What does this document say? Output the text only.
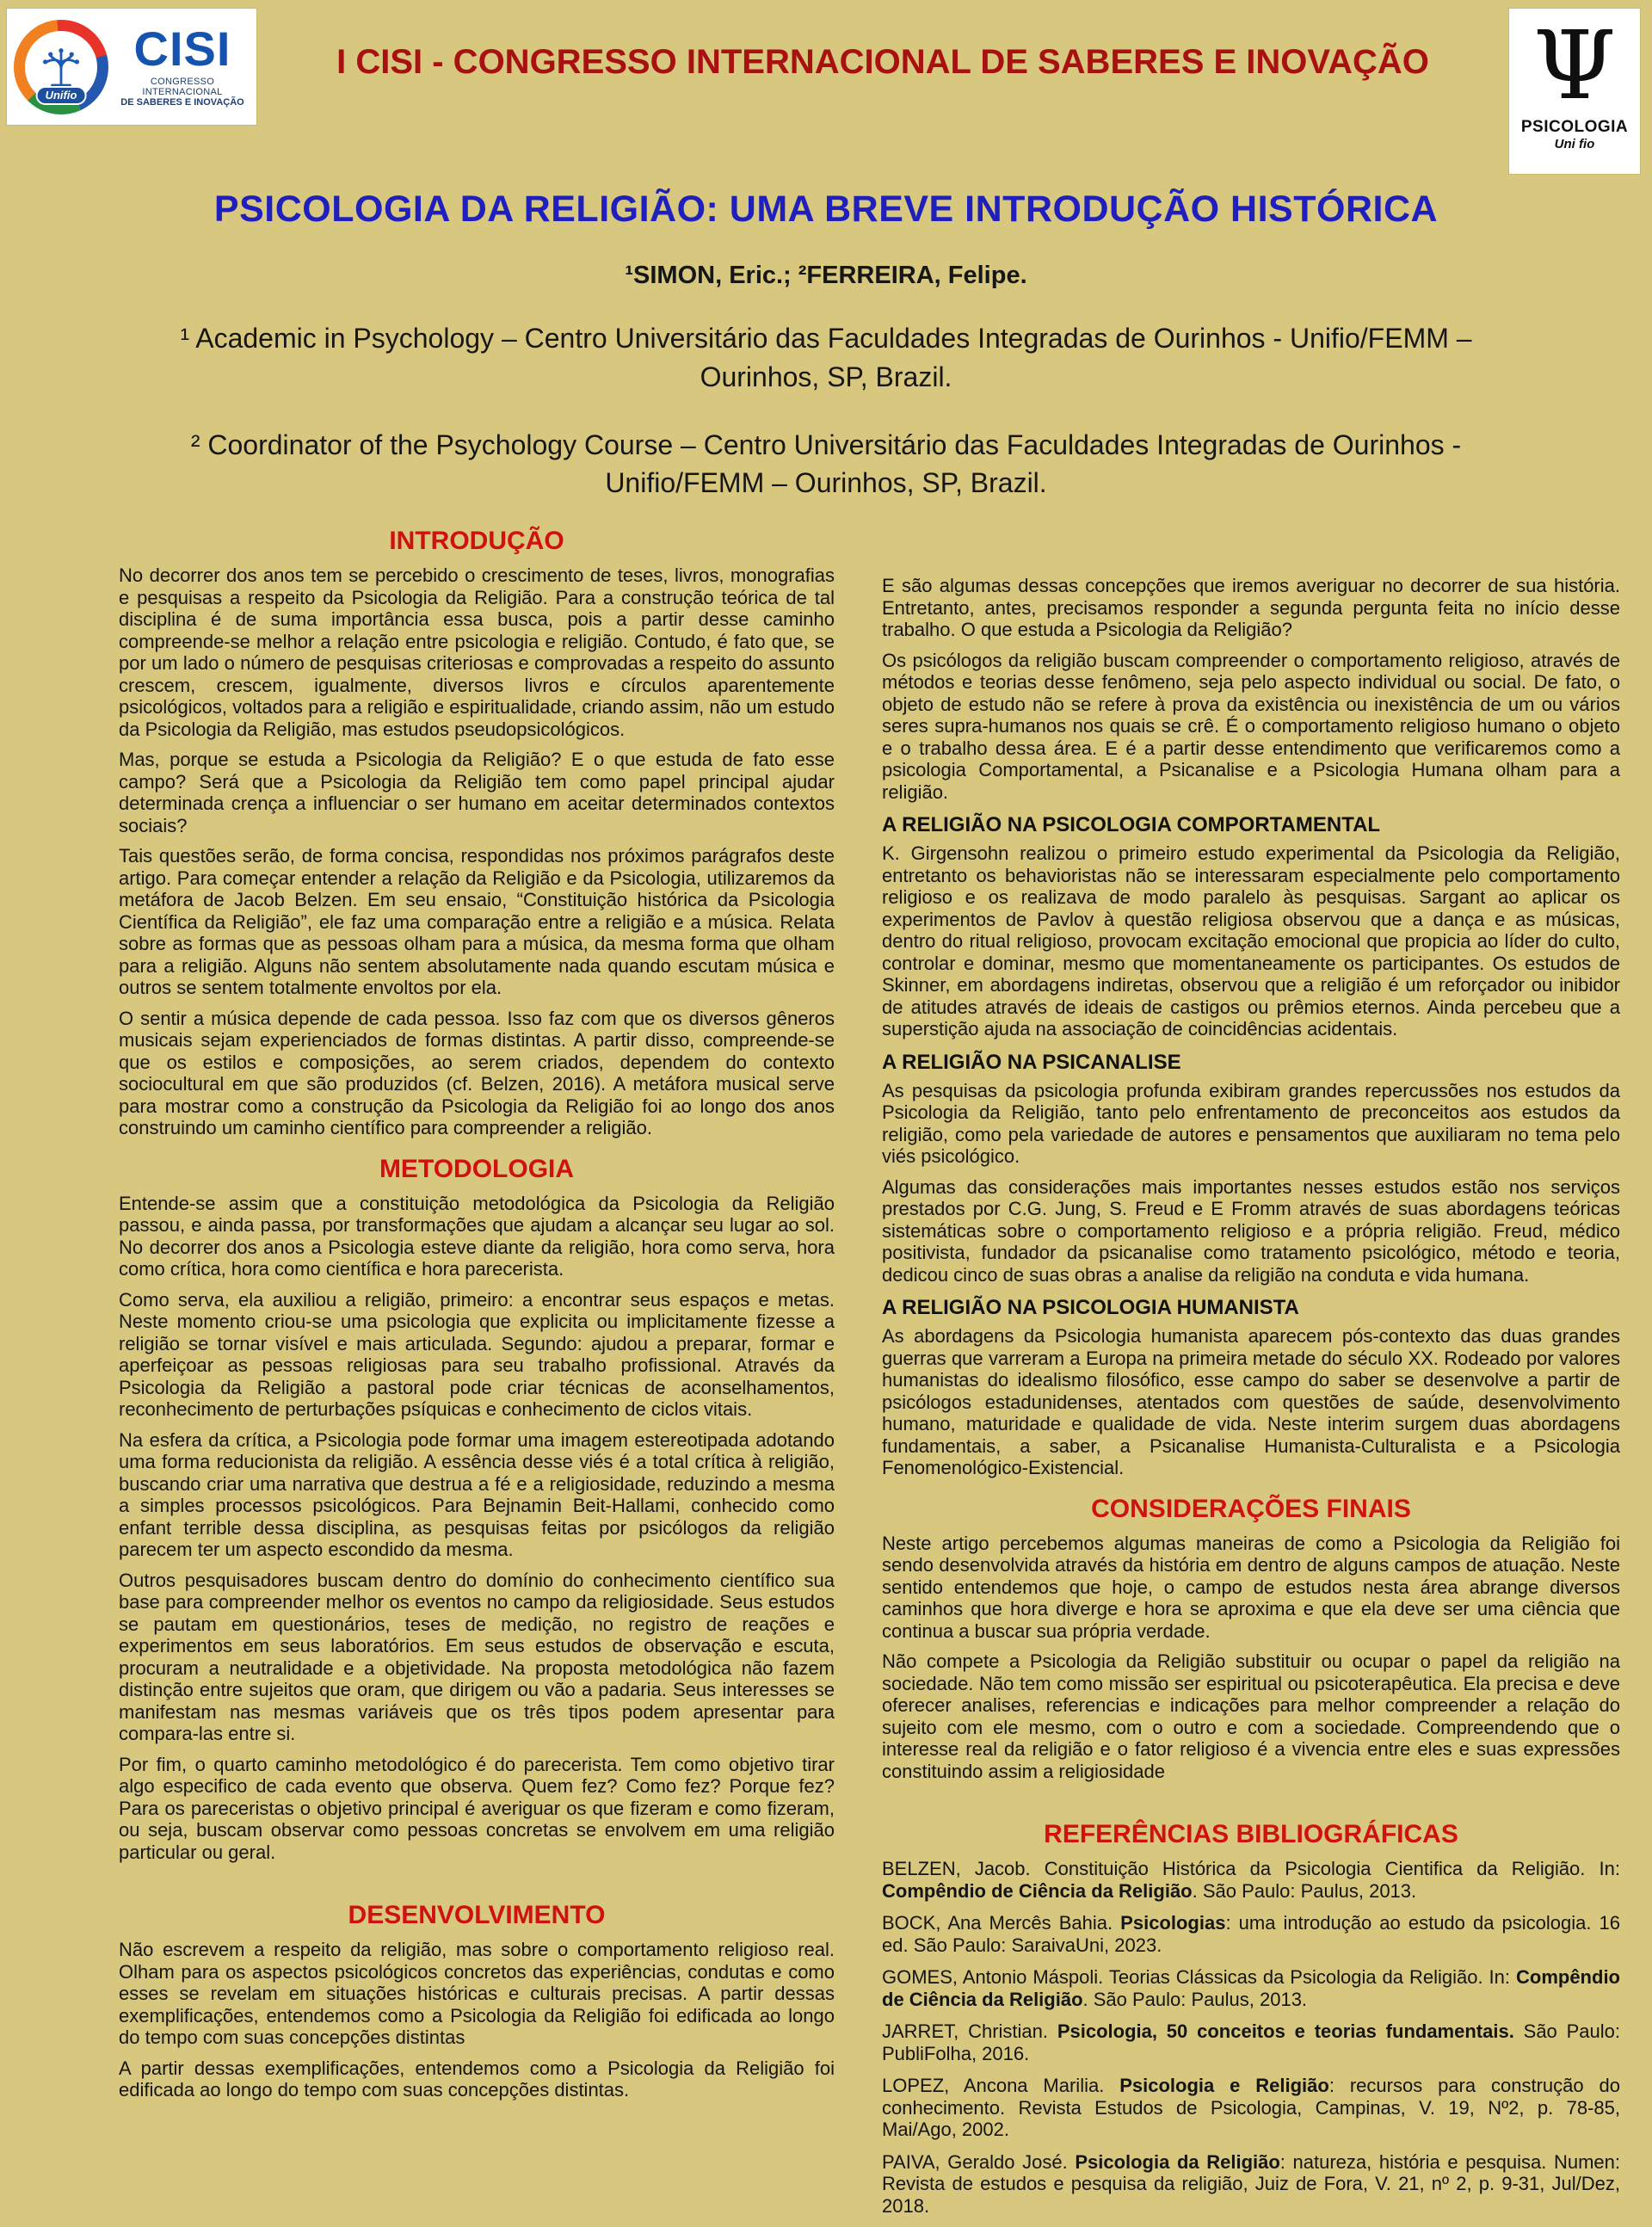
Unifio
CISI
CONGRESSO INTERNACIONAL
DE SABERES E INOVAÇÃO
I CISI - CONGRESSO INTERNACIONAL DE SABERES E INOVAÇÃO	Ψ
PSICOLOGIA
Uni fio
PSICOLOGIA DA RELIGIÃO: UMA BREVE INTRODUÇÃO HISTÓRICA
¹SIMON, Eric.; ²FERREIRA, Felipe.
¹ Academic in Psychology – Centro Universitário das Faculdades Integradas de Ourinhos - Unifio/FEMM – Ourinhos, SP, Brazil.
² Coordinator of the Psychology Course – Centro Universitário das Faculdades Integradas de Ourinhos - Unifio/FEMM – Ourinhos, SP, Brazil.
INTRODUÇÃO

No decorrer dos anos tem se percebido o crescimento de teses, livros, monografias e pesquisas a respeito da Psicologia da Religião. Para a construção teórica de tal disciplina é de suma importância essa busca, pois a partir desse caminho compreende-se melhor a relação entre psicologia e religião. Contudo, é fato que, se por um lado o número de pesquisas criteriosas e comprovadas a respeito do assunto crescem, crescem, igualmente, diversos livros e círculos aparentemente psicológicos, voltados para a religião e espiritualidade, criando assim, não um estudo da Psicologia da Religião, mas estudos pseudopsicológicos.

Mas, porque se estuda a Psicologia da Religião? E o que estuda de fato esse campo? Será que a Psicologia da Religião tem como papel principal ajudar determinada crença a influenciar o ser humano em aceitar determinados contextos sociais?

Tais questões serão, de forma concisa, respondidas nos próximos parágrafos deste artigo. Para começar entender a relação da Religião e da Psicologia, utilizaremos da metáfora de Jacob Belzen. Em seu ensaio, “Constituição histórica da Psicologia Científica da Religião”, ele faz uma comparação entre a religião e a música. Relata sobre as formas que as pessoas olham para a música, da mesma forma que olham para a religião. Alguns não sentem absolutamente nada quando escutam música e outros se sentem totalmente envoltos por ela.

O sentir a música depende de cada pessoa. Isso faz com que os diversos gêneros musicais sejam experienciados de formas distintas. A partir disso, compreende-se que os estilos e composições, ao serem criados, dependem do contexto sociocultural em que são produzidos (cf. Belzen, 2016). A metáfora musical serve para mostrar como a construção da Psicologia da Religião foi ao longo dos anos construindo um caminho científico para compreender a religião.

METODOLOGIA

Entende-se assim que a constituição metodológica da Psicologia da Religião passou, e ainda passa, por transformações que ajudam a alcançar seu lugar ao sol. No decorrer dos anos a Psicologia esteve diante da religião, hora como serva, hora como crítica, hora como científica e hora parecerista.

Como serva, ela auxiliou a religião, primeiro: a encontrar seus espaços e metas. Neste momento criou-se uma psicologia que explicita ou implicitamente fizesse a religião se tornar visível e mais articulada. Segundo: ajudou a preparar, formar e aperfeiçoar as pessoas religiosas para seu trabalho profissional. Através da Psicologia da Religião a pastoral pode criar técnicas de aconselhamentos, reconhecimento de perturbações psíquicas e conhecimento de ciclos vitais.

Na esfera da crítica, a Psicologia pode formar uma imagem estereotipada adotando uma forma reducionista da religião. A essência desse viés é a total crítica à religião, buscando criar uma narrativa que destrua a fé e a religiosidade, reduzindo a mesma a simples processos psicológicos. Para Bejnamin Beit-Hallami, conhecido como enfant terrible dessa disciplina, as pesquisas feitas por psicólogos da religião parecem ter um aspecto escondido da mesma.

Outros pesquisadores buscam dentro do domínio do conhecimento científico sua base para compreender melhor os eventos no campo da religiosidade. Seus estudos se pautam em questionários, teses de medição, no registro de reações e experimentos em seus laboratórios. Em seus estudos de observação e escuta, procuram a neutralidade e a objetividade. Na proposta metodológica não fazem distinção entre sujeitos que oram, que dirigem ou vão a padaria. Seus interesses se manifestam nas mesmas variáveis que os três tipos podem apresentar para compara-las entre si.

Por fim, o quarto caminho metodológico é do parecerista. Tem como objetivo tirar algo especifico de cada evento que observa. Quem fez? Como fez? Porque fez? Para os pareceristas o objetivo principal é averiguar os que fizeram e como fizeram, ou seja, buscam observar como pessoas concretas se envolvem em uma religião particular ou geral.

DESENVOLVIMENTO

Não escrevem a respeito da religião, mas sobre o comportamento religioso real. Olham para os aspectos psicológicos concretos das experiências, condutas e como esses se revelam em situações históricas e culturais precisas. A partir dessas exemplificações, entendemos como a Psicologia da Religião foi edificada ao longo do tempo com suas concepções distintas

A partir dessas exemplificações, entendemos como a Psicologia da Religião foi edificada ao longo do tempo com suas concepções distintas.

E são algumas dessas concepções que iremos averiguar no decorrer de sua história. Entretanto, antes, precisamos responder a segunda pergunta feita no início desse trabalho. O que estuda a Psicologia da Religião?

Os psicólogos da religião buscam compreender o comportamento religioso, através de métodos e teorias desse fenômeno, seja pelo aspecto individual ou social. De fato, o objeto de estudo não se refere à prova da existência ou inexistência de um ou vários seres supra-humanos nos quais se crê. É o comportamento religioso humano o objeto e o trabalho dessa área. E é a partir desse entendimento que verificaremos como a psicologia Comportamental, a Psicanalise e a Psicologia Humana olham para a religião.

A RELIGIÃO NA PSICOLOGIA COMPORTAMENTAL

K. Girgensohn realizou o primeiro estudo experimental da Psicologia da Religião, entretanto os behavioristas não se interessaram especialmente pelo comportamento religioso e os realizava de modo paralelo às pesquisas. Sargant ao aplicar os experimentos de Pavlov à questão religiosa observou que a dança e as músicas, dentro do ritual religioso, provocam excitação emocional que propicia ao líder do culto, controlar e dominar, mesmo que momentaneamente os participantes. Os estudos de Skinner, em abordagens indiretas, observou que a religião é um reforçador ou inibidor de atitudes através de ideais de castigos ou prêmios eternos. Ainda percebeu que a superstição ajuda na associação de coincidências acidentais.

A RELIGIÃO NA PSICANALISE

As pesquisas da psicologia profunda exibiram grandes repercussões nos estudos da Psicologia da Religião, tanto pelo enfrentamento de preconceitos aos estudos da religião, como pela variedade de autores e pensamentos que auxiliaram no tema pelo viés psicológico.

Algumas das considerações mais importantes nesses estudos estão nos serviços prestados por C.G. Jung, S. Freud e E Fromm através de suas abordagens teóricas sistemáticas sobre o comportamento religioso e a própria religião. Freud, médico positivista, fundador da psicanalise como tratamento psicológico, método e teoria, dedicou cinco de suas obras a analise da religião na conduta e vida humana.

A RELIGIÃO NA PSICOLOGIA HUMANISTA

As abordagens da Psicologia humanista aparecem pós-contexto das duas grandes guerras que varreram a Europa na primeira metade do século XX. Rodeado por valores humanistas do idealismo filosófico, esse campo do saber se desenvolve a partir de psicólogos estadunidenses, atentados com questões de saúde, desenvolvimento humano, maturidade e qualidade de vida. Neste interim surgem duas abordagens fundamentais, a saber, a Psicanalise Humanista-Culturalista e a Psicologia Fenomenológico-Existencial.

CONSIDERAÇÕES FINAIS

Neste artigo percebemos algumas maneiras de como a Psicologia da Religião foi sendo desenvolvida através da história em dentro de alguns campos de atuação. Neste sentido entendemos que hoje, o campo de estudos nesta área abrange diversos caminhos que hora diverge e hora se aproxima e que ela deve ser uma ciência que continua a buscar sua própria verdade.

Não compete a Psicologia da Religião substituir ou ocupar o papel da religião na sociedade. Não tem como missão ser espiritual ou psicoterapêutica. Ela precisa e deve oferecer analises, referencias e indicações para melhor compreender a relação do sujeito com ele mesmo, com o outro e com a sociedade. Compreendendo que o interesse real da religião e o fator religioso é a vivencia entre eles e suas expressões constituindo assim a religiosidade

REFERÊNCIAS BIBLIOGRÁFICAS

BELZEN, Jacob. Constituição Histórica da Psicologia Cientifica da Religião. In: Compêndio de Ciência da Religião. São Paulo: Paulus, 2013.

BOCK, Ana Mercês Bahia. Psicologias: uma introdução ao estudo da psicologia. 16 ed. São Paulo: SaraivaUni, 2023.

GOMES, Antonio Máspoli. Teorias Clássicas da Psicologia da Religião. In: Compêndio de Ciência da Religião. São Paulo: Paulus, 2013.

JARRET, Christian. Psicologia, 50 conceitos e teorias fundamentais. São Paulo: PubliFolha, 2016.

LOPEZ, Ancona Marilia. Psicologia e Religião: recursos para construção do conhecimento. Revista Estudos de Psicologia, Campinas, V. 19, Nº2, p. 78-85, Mai/Ago, 2002.

PAIVA, Geraldo José. Psicologia da Religião: natureza, história e pesquisa. Numen: Revista de estudos e pesquisa da religião, Juiz de Fora, V. 21, nº 2, p. 9-31, Jul/Dez, 2018.
